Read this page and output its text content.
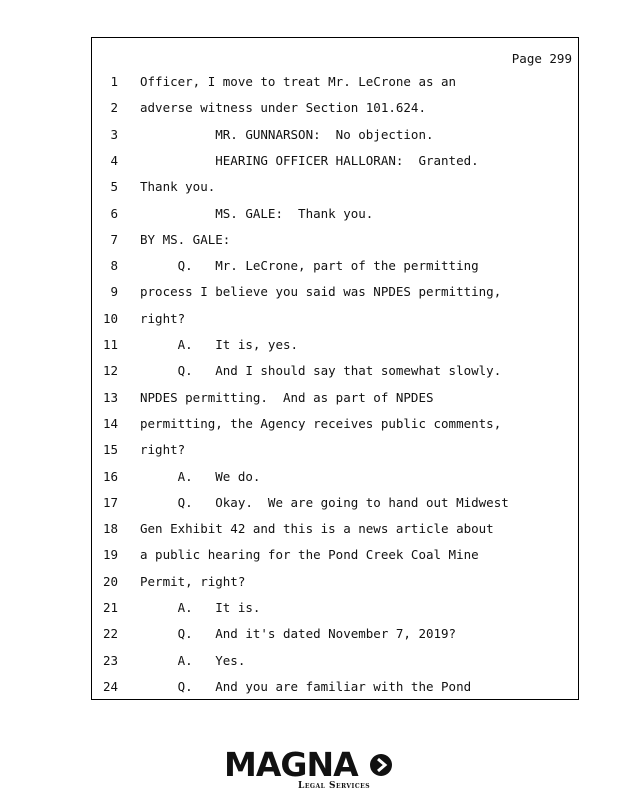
Page 299
1 Officer, I move to treat Mr. LeCrone as an
2 adverse witness under Section 101.624.
3 MR. GUNNARSON:  No objection.
4 HEARING OFFICER HALLORAN:  Granted.
5 Thank you.
6 MS. GALE:  Thank you.
7 BY MS. GALE:
8 Q.   Mr. LeCrone, part of the permitting
9 process I believe you said was NPDES permitting,
10 right?
11 A.   It is, yes.
12 Q.   And I should say that somewhat slowly.
13 NPDES permitting.  And as part of NPDES
14 permitting, the Agency receives public comments,
15 right?
16 A.   We do.
17 Q.   Okay.  We are going to hand out Midwest
18 Gen Exhibit 42 and this is a news article about
19 a public hearing for the Pond Creek Coal Mine
20 Permit, right?
21 A.   It is.
22 Q.   And it's dated November 7, 2019?
23 A.   Yes.
24 Q.   And you are familiar with the Pond
MAGNA
Legal Services
